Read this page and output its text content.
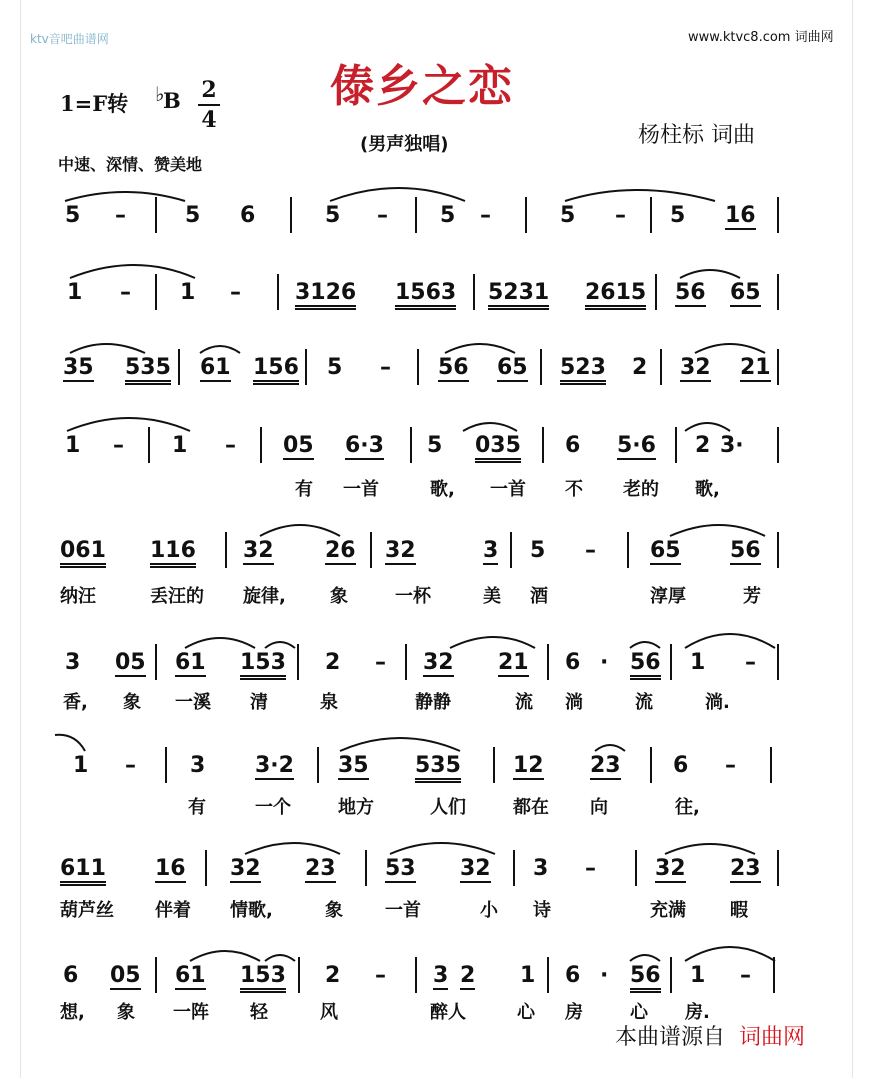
ktv音吧曲谱网	www.ktvc8.com 词曲网
傣乡之恋
1=F转 ♭
B 2
4
(男声独唱)	杨柱标 词曲
中速、深情、赞美地
5 –	5 6	5 – 5 –	5 – 5 16
1 – 1 – 3126 1563 5231 2615 56 65
35 535 61 156 5 – 56 65 523 2 32 21
1 – 1 – 05 6·3 5 035 6 5·6 2 3·
有 一首	歌, 一首 不 老的 歌,
061 116 32 26 32	3 5 – 65 56
纳汪	丢汪的 旋律, 象	一杯	美 酒	淳厚	芳
3 05 61 153 2 – 32 21 6 · 56 1 –
香, 象 一溪 清	泉	静静	流 淌	流	淌.
1 – 3 3·2 35 535 12 23 6 –
有	一个	地方	人们	都在 向	往,
611 16 32 23 53 32 3 –	32 23
葫芦丝 伴着 情歌,	象 一首	小 诗	充满 暇
6 05 61 153 2 – 3 2 1 6 · 56 1 –
想, 象 一阵 轻	风	醉人	心 房	心 房.
本曲谱源自 词曲网
